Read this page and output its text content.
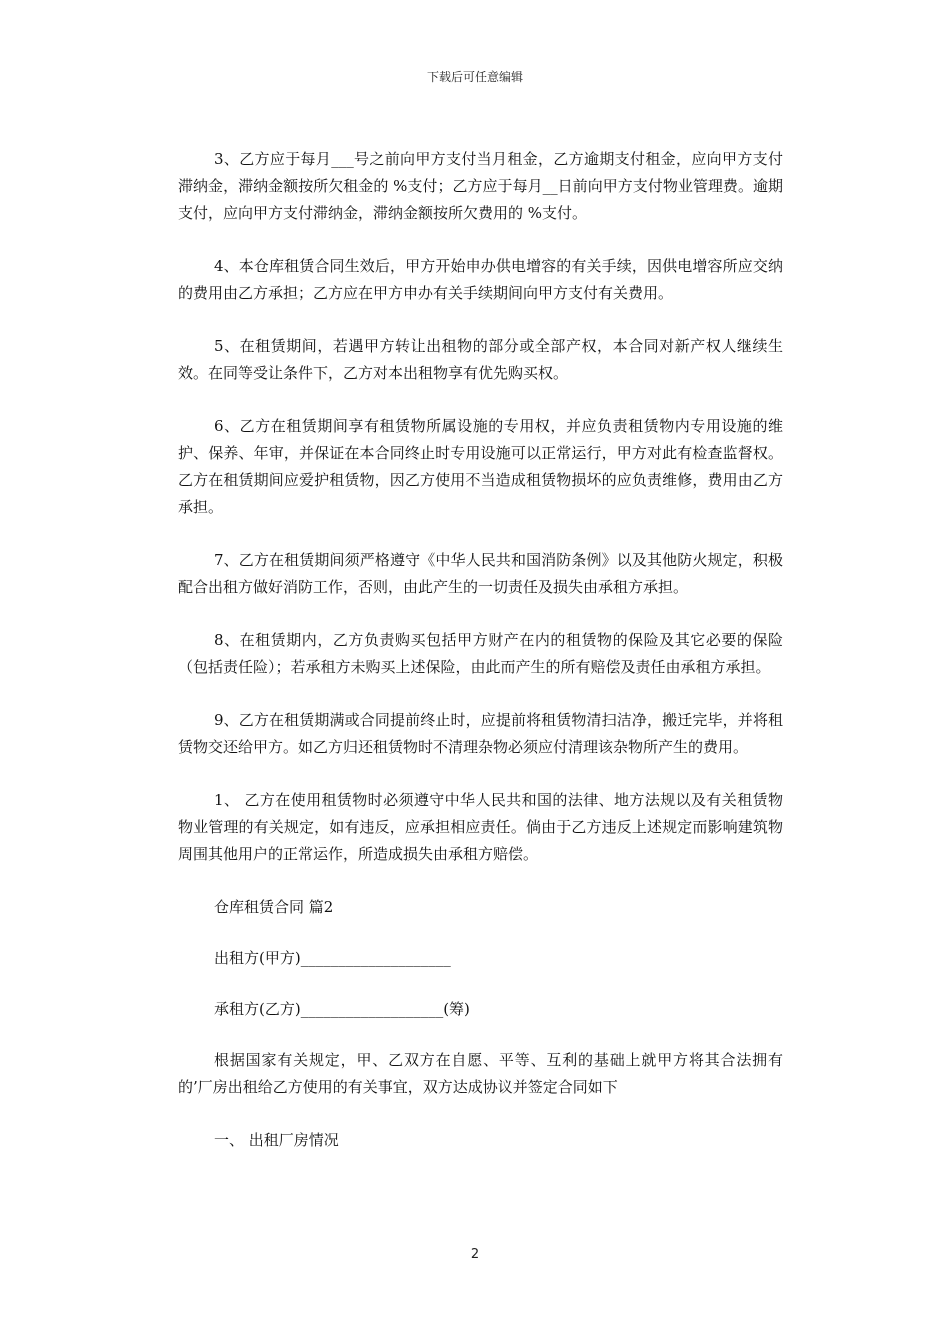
下载后可任意编辑

3、乙方应于每月___号之前向甲方支付当月租金，乙方逾期支付租金，应向甲方支付滞纳金，滞纳金额按所欠租金的 %支付；乙方应于每月__日前向甲方支付物业管理费。逾期支付，应向甲方支付滞纳金，滞纳金额按所欠费用的 %支付。

4、本仓库租赁合同生效后，甲方开始申办供电增容的有关手续，因供电增容所应交纳的费用由乙方承担；乙方应在甲方申办有关手续期间向甲方支付有关费用。

5、在租赁期间，若遇甲方转让出租物的部分或全部产权，本合同对新产权人继续生效。在同等受让条件下，乙方对本出租物享有优先购买权。

6、乙方在租赁期间享有租赁物所属设施的专用权，并应负责租赁物内专用设施的维护、保养、年审，并保证在本合同终止时专用设施可以正常运行，甲方对此有检查监督权。乙方在租赁期间应爱护租赁物，因乙方使用不当造成租赁物损坏的应负责维修，费用由乙方承担。

7、乙方在租赁期间须严格遵守《中华人民共和国消防条例》以及其他防火规定，积极配合出租方做好消防工作，否则，由此产生的一切责任及损失由承租方承担。

8、在租赁期内，乙方负责购买包括甲方财产在内的租赁物的保险及其它必要的保险（包括责任险）；若承租方未购买上述保险，由此而产生的所有赔偿及责任由承租方承担。

9、乙方在租赁期满或合同提前终止时，应提前将租赁物清扫洁净，搬迁完毕，并将租赁物交还给甲方。如乙方归还租赁物时不清理杂物必须应付清理该杂物所产生的费用。

1、 乙方在使用租赁物时必须遵守中华人民共和国的法律、地方法规以及有关租赁物物业管理的有关规定，如有违反，应承担相应责任。倘由于乙方违反上述规定而影响建筑物周围其他用户的正常运作，所造成损失由承租方赔偿。

仓库租赁合同 篇2

出租方(甲方)____________________

承租方(乙方)___________________(筹)

根据国家有关规定，甲、乙双方在自愿、平等、互利的基础上就甲方将其合法拥有的’厂房出租给乙方使用的有关事宜，双方达成协议并签定合同如下

一、 出租厂房情况

2
